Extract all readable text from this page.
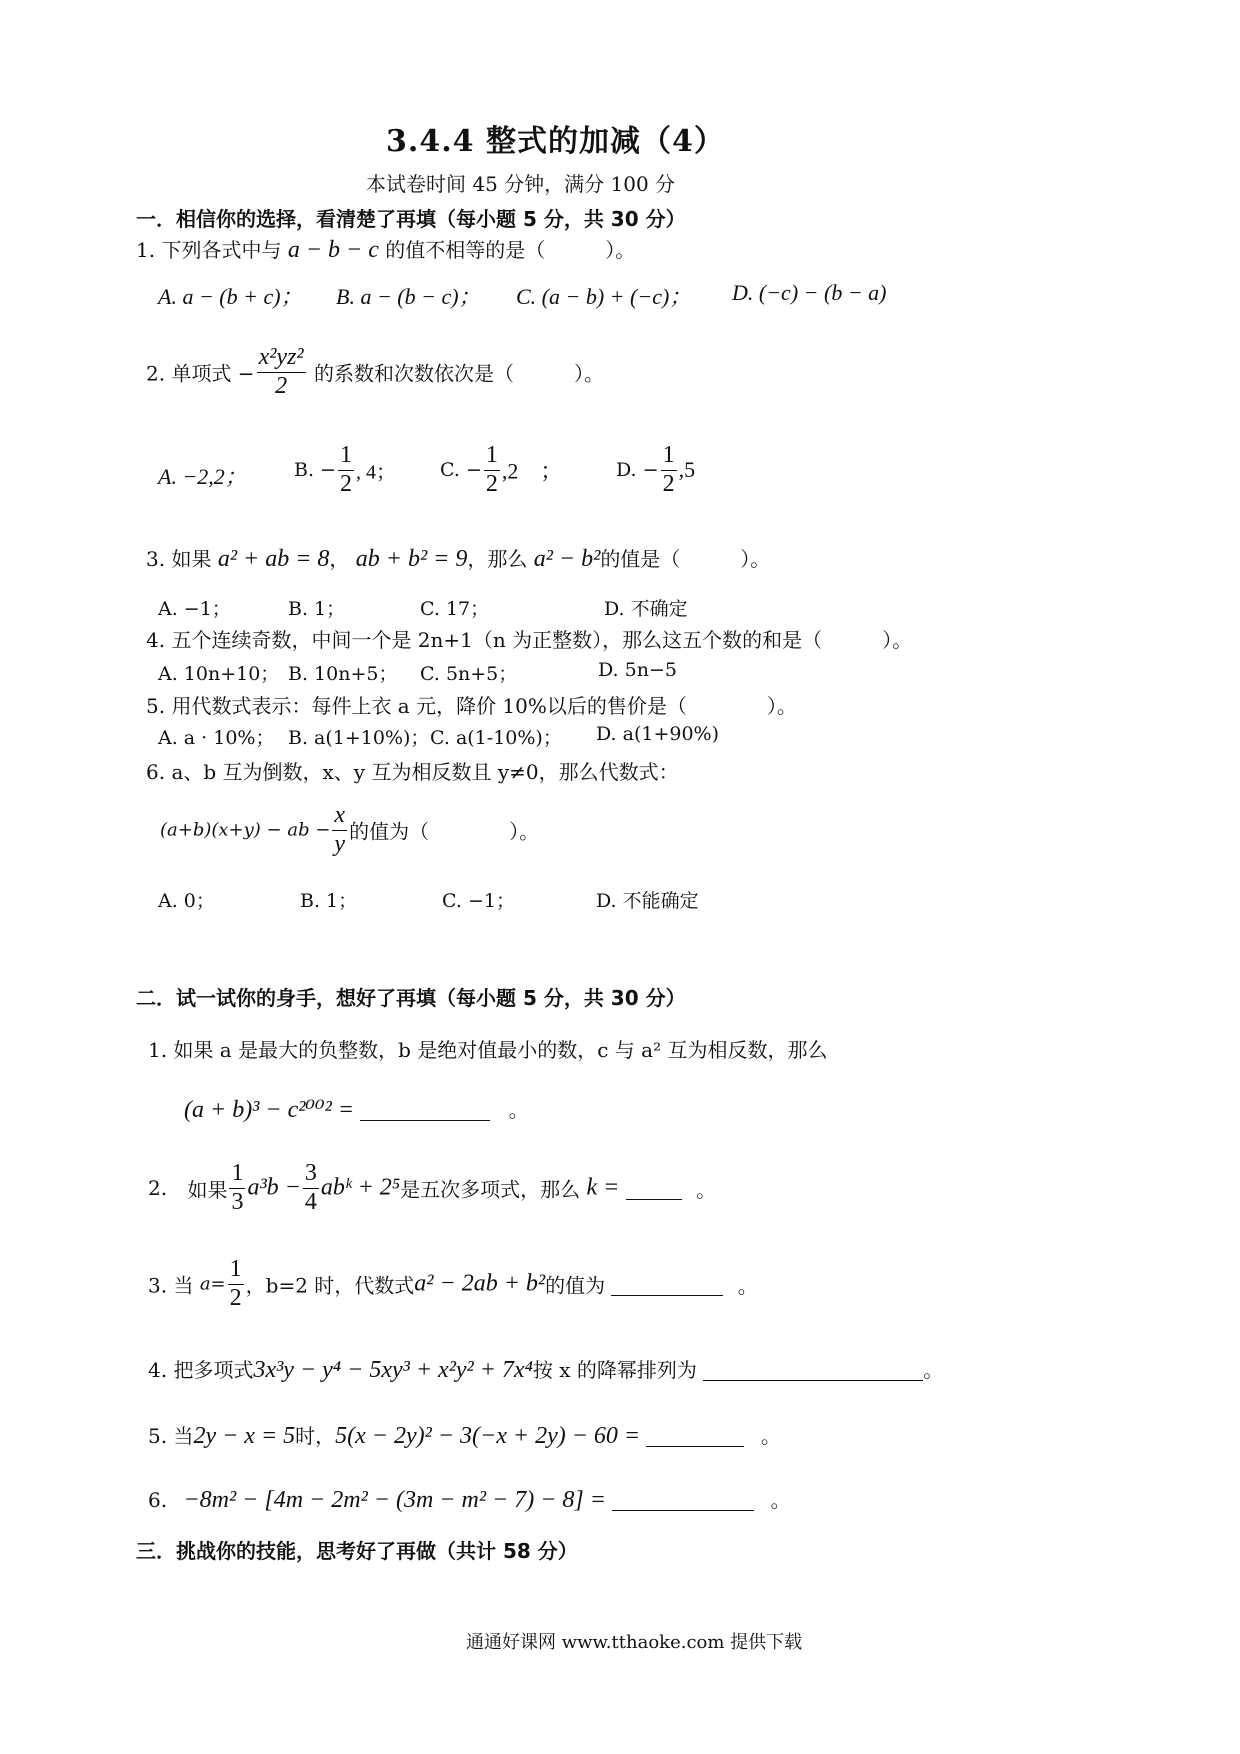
3.4.4 整式的加减（4）
本试卷时间 45 分钟，满分 100 分
一．相信你的选择，看清楚了再填（每小题 5 分，共 30 分）
1. 下列各式中与 a − b − c 的值不相等的是（　　　）。
A. a − (b + c)； B. a − (b − c)； C. (a − b) + (−c)； D. (−c) − (b − a)
2. 单项式 − $\frac{\text{x²yz²}}{2}$ 的系数和次数依次是（　　　）。
A. −2,2； B. − $\frac{1}{2}$ , 4； C. − $\frac{1}{2} ,2$　；	D. − $\frac{1}{2} ,5$
3. 如果 a² + ab = 8， ab + b² = 9，那么 a² − b²的值是（　　　）。
A. −1；	B. 1；	C. 17；	D. 不确定
4. 五个连续奇数，中间一个是 2n+1（n 为正整数），那么这五个数的和是（　　　）。
A. 10n+10； B. 10n+5； C. 5n+5；	D. 5n−5
5. 用代数式表示：每件上衣 a 元，降价 10%以后的售价是（　　　　）。
A. a · 10%； B. a(1+10%)； C. a(1-10%)； D. a(1+90%)
6. a、b 互为倒数，x、y 互为相反数且 y≠0，那么代数式：
(a+b)(x+y) − ab − $\frac{x}{y}$ 的值为（　　　　）。
A. 0；	B. 1；	C. −1；	D. 不能确定
二．试一试你的身手，想好了再填（每小题 5 分，共 30 分）
1. 如果 a 是最大的负整数，b 是绝对值最小的数，c 与 a² 互为相反数，那么
(a + b)³ − c²⁰⁰² =	。
2. 如果 $\frac{1}{3} a^3b - \frac{3}{4}$ abᵏ + 2⁵是五次多项式，那么 k =	。
3. 当 $a= \frac{1}{2}$ ，b=2 时，代数式a² − 2ab + b²的值为	。
4. 把多项式3x³y − y⁴ − 5xy³ + x²y² + 7x⁴按 x 的降幂排列为	。
5. 当2y − x = 5时，5(x − 2y)² − 3(−x + 2y) − 60 =	。
6. −8m² − [4m − 2m² − (3m − m² − 7) − 8] =	。
三．挑战你的技能，思考好了再做（共计 58 分）
通通好课网 www.tthaoke.com 提供下载
